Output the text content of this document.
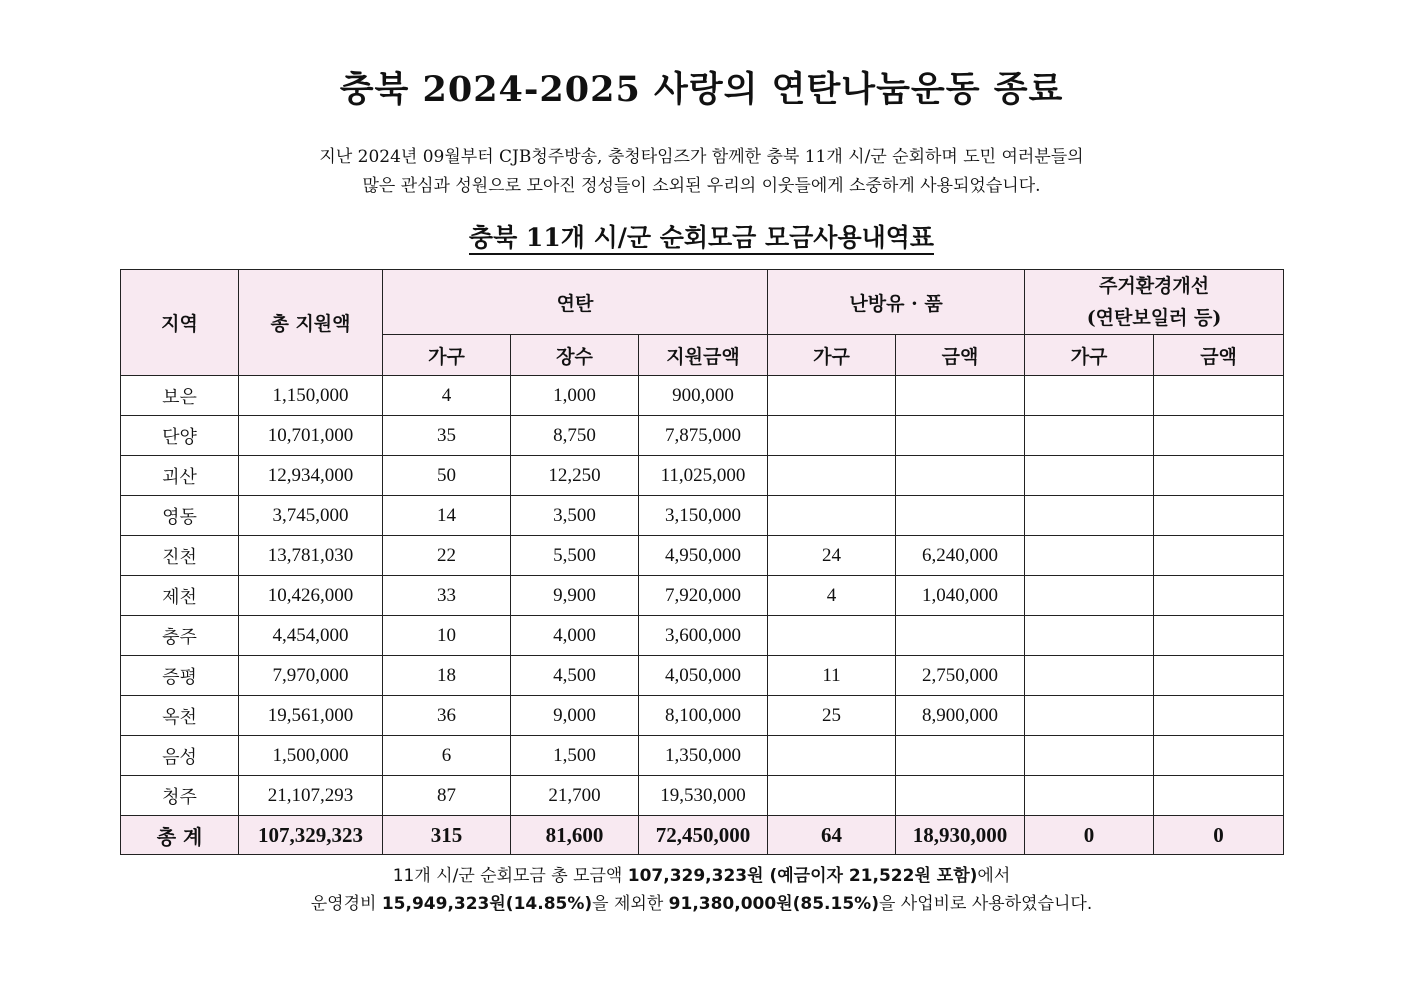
충북 2024-2025 사랑의 연탄나눔운동 종료
지난 2024년 09월부터 CJB청주방송, 충청타임즈가 함께한 충북 11개 시/군 순회하며 도민 여러분들의
많은 관심과 성원으로 모아진 정성들이 소외된 우리의 이웃들에게 소중하게 사용되었습니다.
충북 11개 시/군 순회모금 모금사용내역표
지역	총 지원액	연탄			난방유 · 품		주거환경개선
(연탄보일러 등)	

		가구	장수	지원금액	가구	금액	가구	금액
보은	1,150,000	4	1,000	900,000				
단양	10,701,000	35	8,750	7,875,000				
괴산	12,934,000	50	12,250	11,025,000				
영동	3,745,000	14	3,500	3,150,000				
진천	13,781,030	22	5,500	4,950,000	24	6,240,000		
제천	10,426,000	33	9,900	7,920,000	4	1,040,000		
충주	4,454,000	10	4,000	3,600,000				
증평	7,970,000	18	4,500	4,050,000	11	2,750,000		
옥천	19,561,000	36	9,000	8,100,000	25	8,900,000		
음성	1,500,000	6	1,500	1,350,000				
청주	21,107,293	87	21,700	19,530,000				
총 계	107,329,323	315	81,600	72,450,000	64	18,930,000	0	0
11개 시/군 순회모금 총 모금액 107,329,323원 (예금이자 21,522원 포함)에서
운영경비 15,949,323원(14.85%)을 제외한 91,380,000원(85.15%)을 사업비로 사용하였습니다.
